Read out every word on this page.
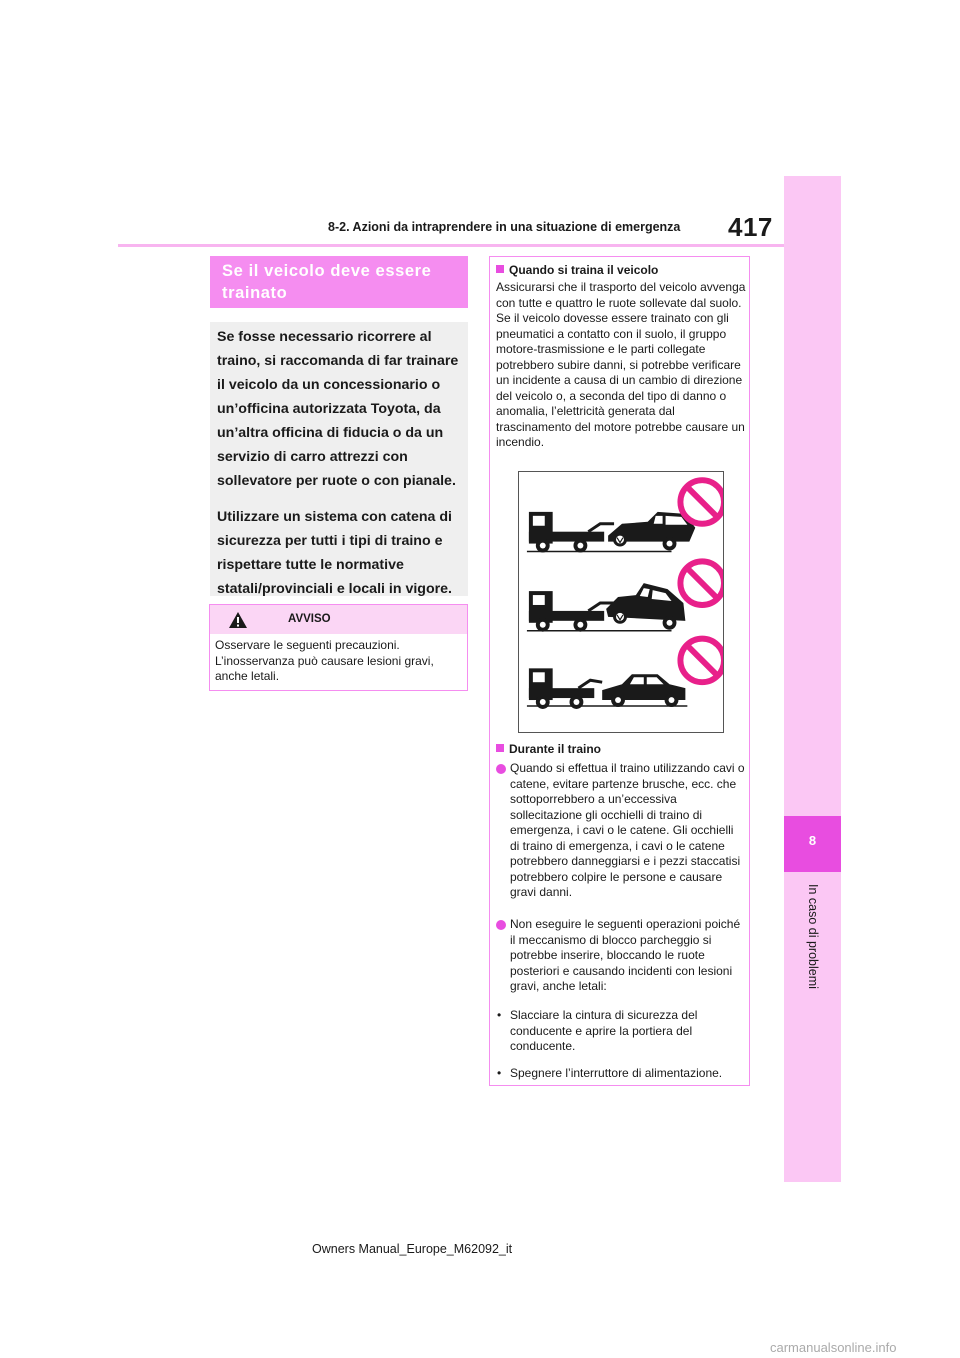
8-2. Azioni da intraprendere in una situazione di emergenza 417
8
In caso di problemi
Se il veicolo deve essere trainato

Se fosse necessario ricorrere al traino, si raccomanda di far trainare il veicolo da un concessionario o un’officina autorizzata Toyota, da un’altra officina di fiducia o da un servizio di carro attrezzi con sollevatore per ruote o con pianale.

Utilizzare un sistema con catena di sicurezza per tutti i tipi di traino e rispettare tutte le normative statali/provinciali e locali in vigore.

AVVISO
Osservare le seguenti precauzioni. L’inosservanza può causare lesioni gravi, anche letali.
Quando si traina il veicolo
Assicurarsi che il trasporto del veicolo avvenga con tutte e quattro le ruote sollevate dal suolo. Se il veicolo dovesse essere trainato con gli pneumatici a contatto con il suolo, il gruppo motore-trasmissione e le parti collegate potrebbero subire danni, si potrebbe verificare un incidente a causa di un cambio di direzione del veicolo o, a seconda del tipo di danno o anomalia, l’elettricità generata dal trascinamento del motore potrebbe causare un incendio.
Durante il traino
Quando si effettua il traino utilizzando cavi o catene, evitare partenze brusche, ecc. che sottoporrebbero a un’eccessiva sollecitazione gli occhielli di traino di emergenza, i cavi o le catene. Gli occhielli di traino di emergenza, i cavi o le catene potrebbero danneggiarsi e i pezzi staccatisi potrebbero colpire le persone e causare gravi danni.
Non eseguire le seguenti operazioni poiché il meccanismo di blocco parcheggio si potrebbe inserire, bloccando le ruote posteriori e causando incidenti con lesioni gravi, anche letali:
• Slacciare la cintura di sicurezza del conducente e aprire la portiera del conducente.
• Spegnere l’interruttore di alimentazione.
Owners Manual_Europe_M62092_it
carmanualsonline.info
